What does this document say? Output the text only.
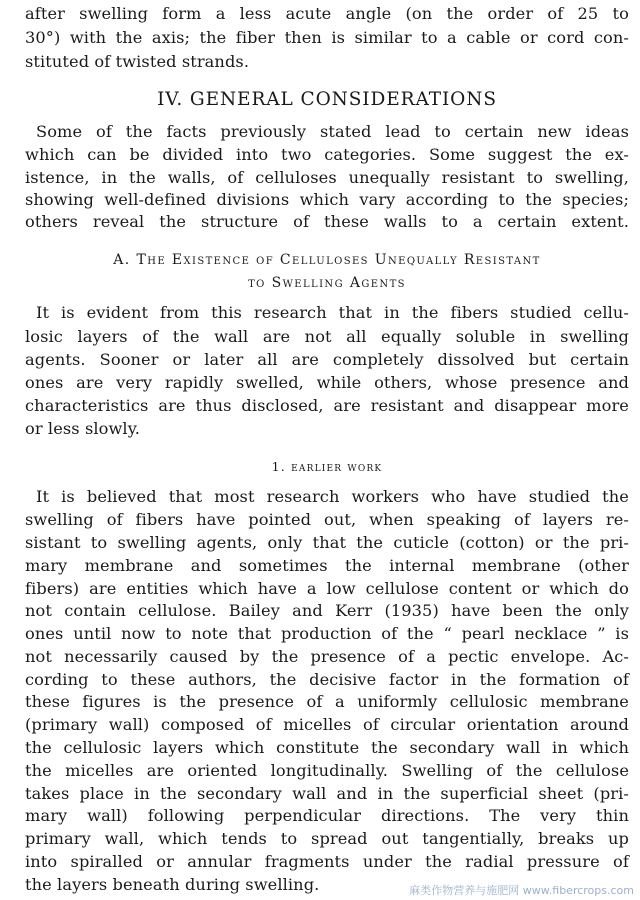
after swelling form a less acute angle (on the order of 25 to
30°) with the axis; the fiber then is similar to a cable or cord con-
stituted of twisted strands.
IV. GENERAL CONSIDERATIONS
Some of the facts previously stated lead to certain new ideas
which can be divided into two categories. Some suggest the ex-
istence, in the walls, of celluloses unequally resistant to swelling,
showing well-defined divisions which vary according to the species;
others reveal the structure of these walls to a certain extent.
A. The Existence of Celluloses Unequally Resistant
to Swelling Agents
It is evident from this research that in the fibers studied cellu-
losic layers of the wall are not all equally soluble in swelling
agents. Sooner or later all are completely dissolved but certain
ones are very rapidly swelled, while others, whose presence and
characteristics are thus disclosed, are resistant and disappear more
or less slowly.
1. earlier work
It is believed that most research workers who have studied the
swelling of fibers have pointed out, when speaking of layers re-
sistant to swelling agents, only that the cuticle (cotton) or the pri-
mary membrane and sometimes the internal membrane (other
fibers) are entities which have a low cellulose content or which do
not contain cellulose. Bailey and Kerr (1935) have been the only
ones until now to note that production of the “ pearl necklace ” is
not necessarily caused by the presence of a pectic envelope. Ac-
cording to these authors, the decisive factor in the formation of
these figures is the presence of a uniformly cellulosic membrane
(primary wall) composed of micelles of circular orientation around
the cellulosic layers which constitute the secondary wall in which
the micelles are oriented longitudinally. Swelling of the cellulose
takes place in the secondary wall and in the superficial sheet (pri-
mary wall) following perpendicular directions. The very thin
primary wall, which tends to spread out tangentially, breaks up
into spiralled or annular fragments under the radial pressure of
the layers beneath during swelling.	麻类作物营养与施肥网 www.fibercrops.com
